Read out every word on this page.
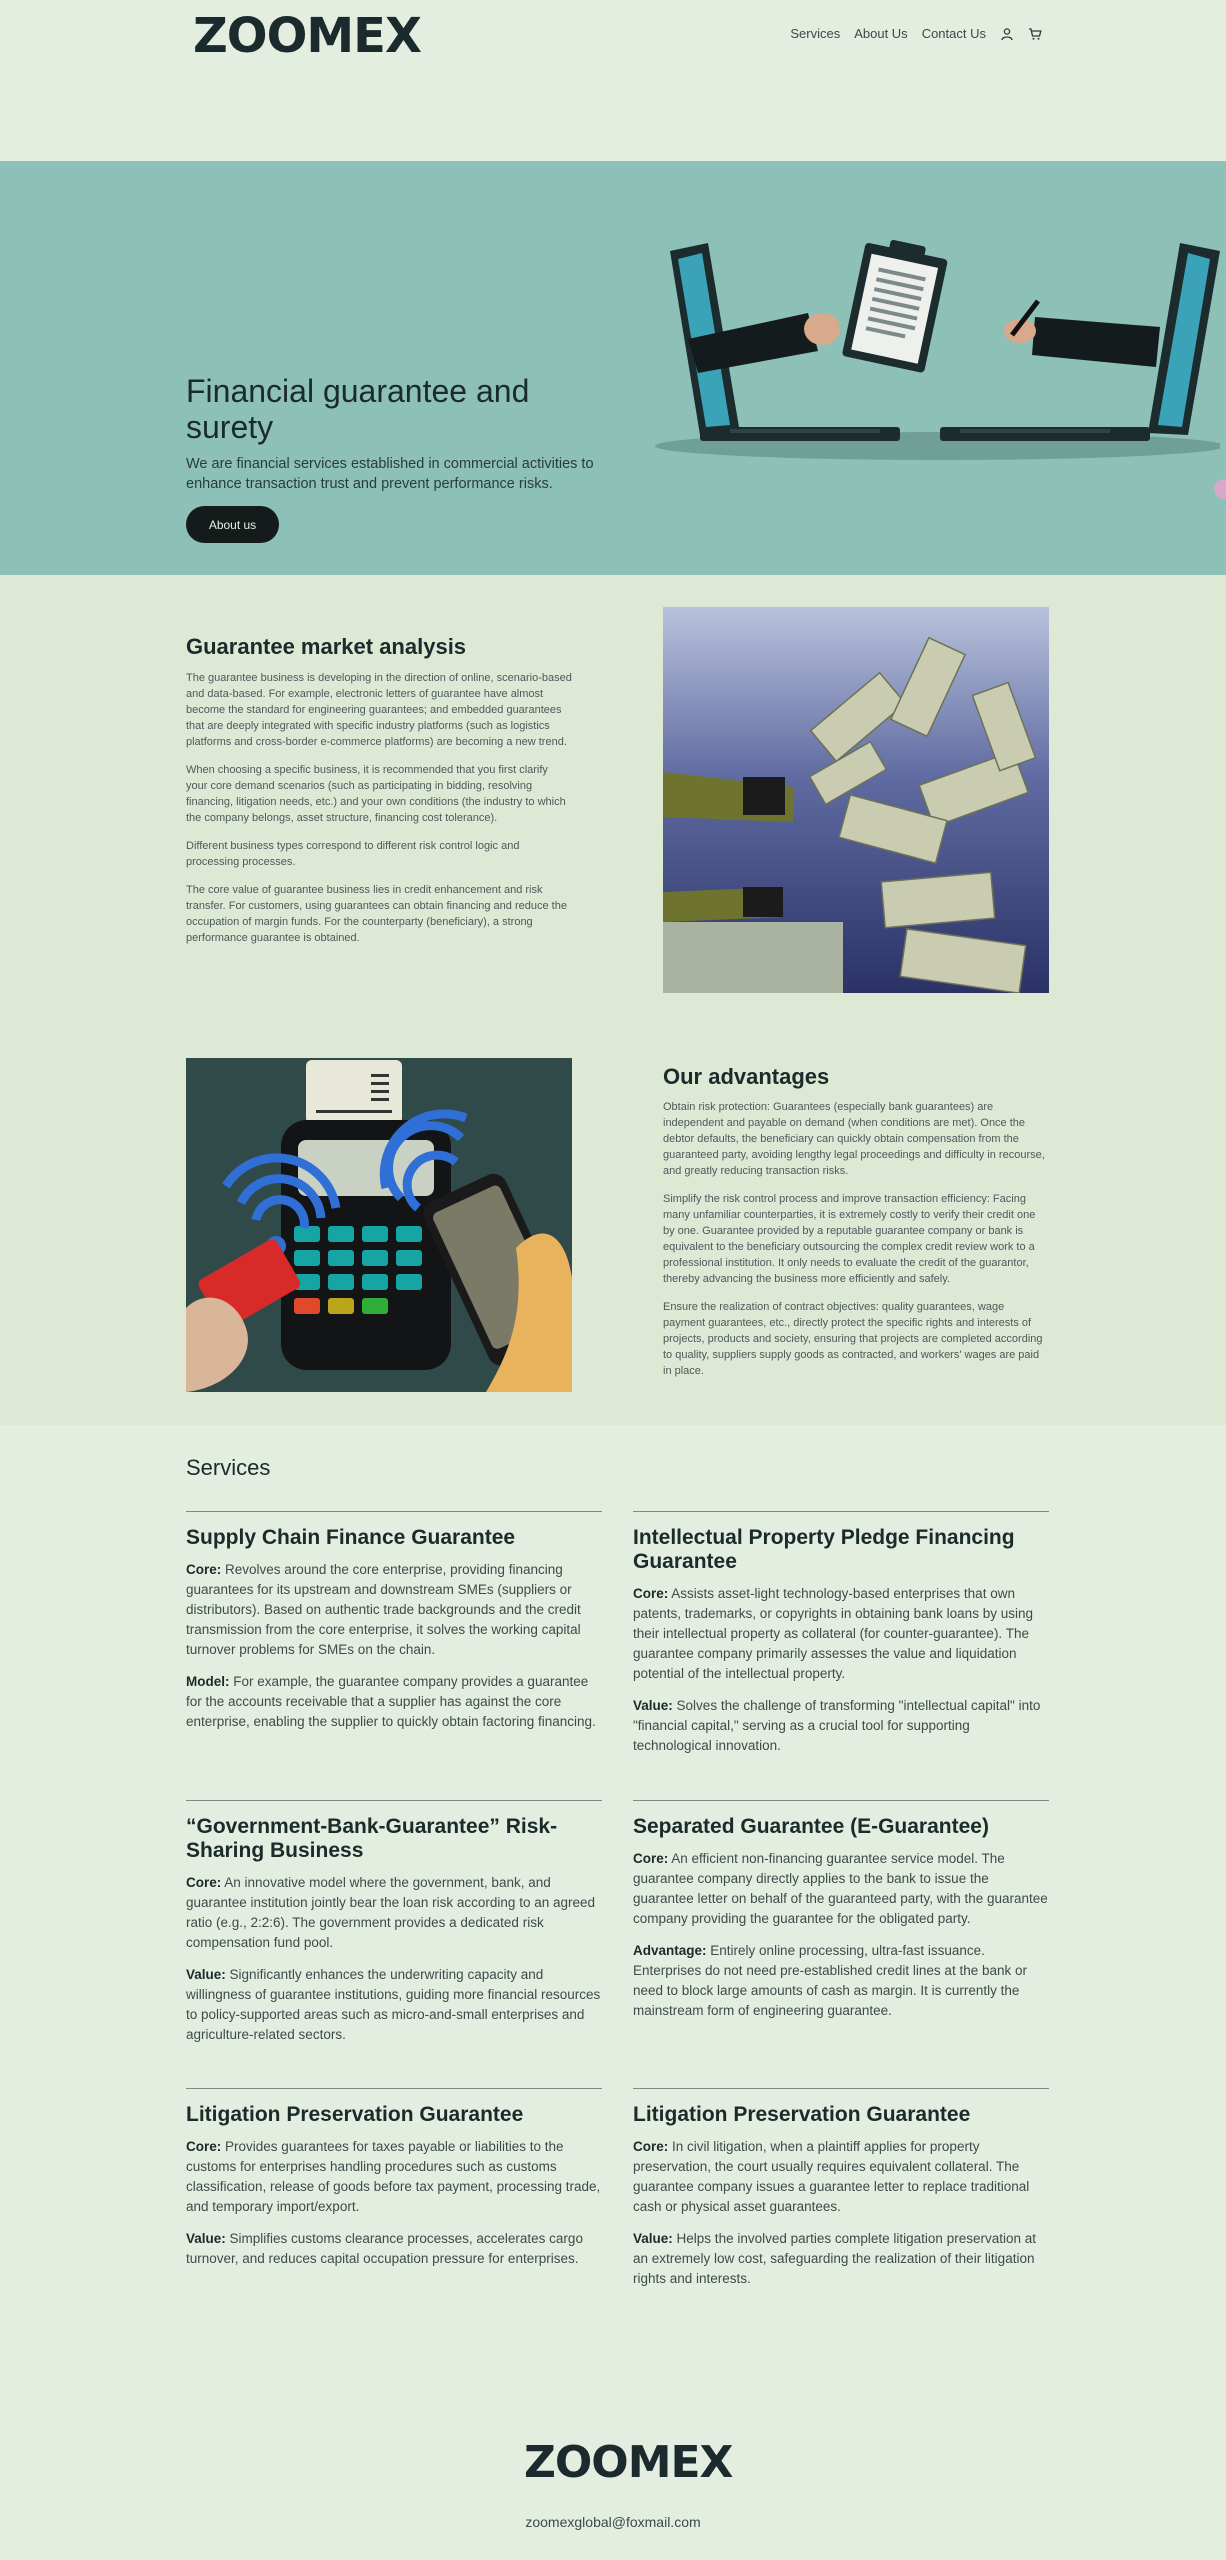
ZOOMEX	Services About Us Contact Us
Financial guarantee and surety
We are financial services established in commercial activities to enhance transaction trust and prevent performance risks.
About us
Guarantee market analysis

The guarantee business is developing in the direction of online, scenario-based and data-based. For example, electronic letters of guarantee have almost become the standard for engineering guarantees; and embedded guarantees that are deeply integrated with specific industry platforms (such as logistics platforms and cross-border e-commerce platforms) are becoming a new trend.

When choosing a specific business, it is recommended that you first clarify your core demand scenarios (such as participating in bidding, resolving financing, litigation needs, etc.) and your own conditions (the industry to which the company belongs, asset structure, financing cost tolerance).

Different business types correspond to different risk control logic and processing processes.

The core value of guarantee business lies in credit enhancement and risk transfer. For customers, using guarantees can obtain financing and reduce the occupation of margin funds. For the counterparty (beneficiary), a strong performance guarantee is obtained.

Our advantages

Obtain risk protection: Guarantees (especially bank guarantees) are independent and payable on demand (when conditions are met). Once the debtor defaults, the beneficiary can quickly obtain compensation from the guaranteed party, avoiding lengthy legal proceedings and difficulty in recourse, and greatly reducing transaction risks.

Simplify the risk control process and improve transaction efficiency: Facing many unfamiliar counterparties, it is extremely costly to verify their credit one by one. Guarantee provided by a reputable guarantee company or bank is equivalent to the beneficiary outsourcing the complex credit review work to a professional institution. It only needs to evaluate the credit of the guarantor, thereby advancing the business more efficiently and safely.

Ensure the realization of contract objectives: quality guarantees, wage payment guarantees, etc., directly protect the specific rights and interests of projects, products and society, ensuring that projects are completed according to quality, suppliers supply goods as contracted, and workers' wages are paid in place.

Services
Supply Chain Finance Guarantee

Core: Revolves around the core enterprise, providing financing guarantees for its upstream and downstream SMEs (suppliers or distributors). Based on authentic trade backgrounds and the credit transmission from the core enterprise, it solves the working capital turnover problems for SMEs on the chain.

Model: For example, the guarantee company provides a guarantee for the accounts receivable that a supplier has against the core enterprise, enabling the supplier to quickly obtain factoring financing.

Intellectual Property Pledge Financing Guarantee

Core: Assists asset-light technology-based enterprises that own patents, trademarks, or copyrights in obtaining bank loans by using their intellectual property as collateral (for counter-guarantee). The guarantee company primarily assesses the value and liquidation potential of the intellectual property.

Value: Solves the challenge of transforming "intellectual capital" into "financial capital," serving as a crucial tool for supporting technological innovation.

“Government-Bank-Guarantee” Risk-Sharing Business

Core: An innovative model where the government, bank, and guarantee institution jointly bear the loan risk according to an agreed ratio (e.g., 2:2:6). The government provides a dedicated risk compensation fund pool.

Value: Significantly enhances the underwriting capacity and willingness of guarantee institutions, guiding more financial resources to policy-supported areas such as micro-and-small enterprises and agriculture-related sectors.

Separated Guarantee (E-Guarantee)

Core: An efficient non-financing guarantee service model. The guarantee company directly applies to the bank to issue the guarantee letter on behalf of the guaranteed party, with the guarantee company providing the guarantee for the obligated party.

Advantage: Entirely online processing, ultra-fast issuance. Enterprises do not need pre-established credit lines at the bank or need to block large amounts of cash as margin. It is currently the mainstream form of engineering guarantee.

Litigation Preservation Guarantee

Core: Provides guarantees for taxes payable or liabilities to the customs for enterprises handling procedures such as customs classification, release of goods before tax payment, processing trade, and temporary import/export.

Value: Simplifies customs clearance processes, accelerates cargo turnover, and reduces capital occupation pressure for enterprises.

Litigation Preservation Guarantee

Core: In civil litigation, when a plaintiff applies for property preservation, the court usually requires equivalent collateral. The guarantee company issues a guarantee letter to replace traditional cash or physical asset guarantees.

Value: Helps the involved parties complete litigation preservation at an extremely low cost, safeguarding the realization of their litigation rights and interests.

ZOOMEX
zoomexglobal@foxmail.com
